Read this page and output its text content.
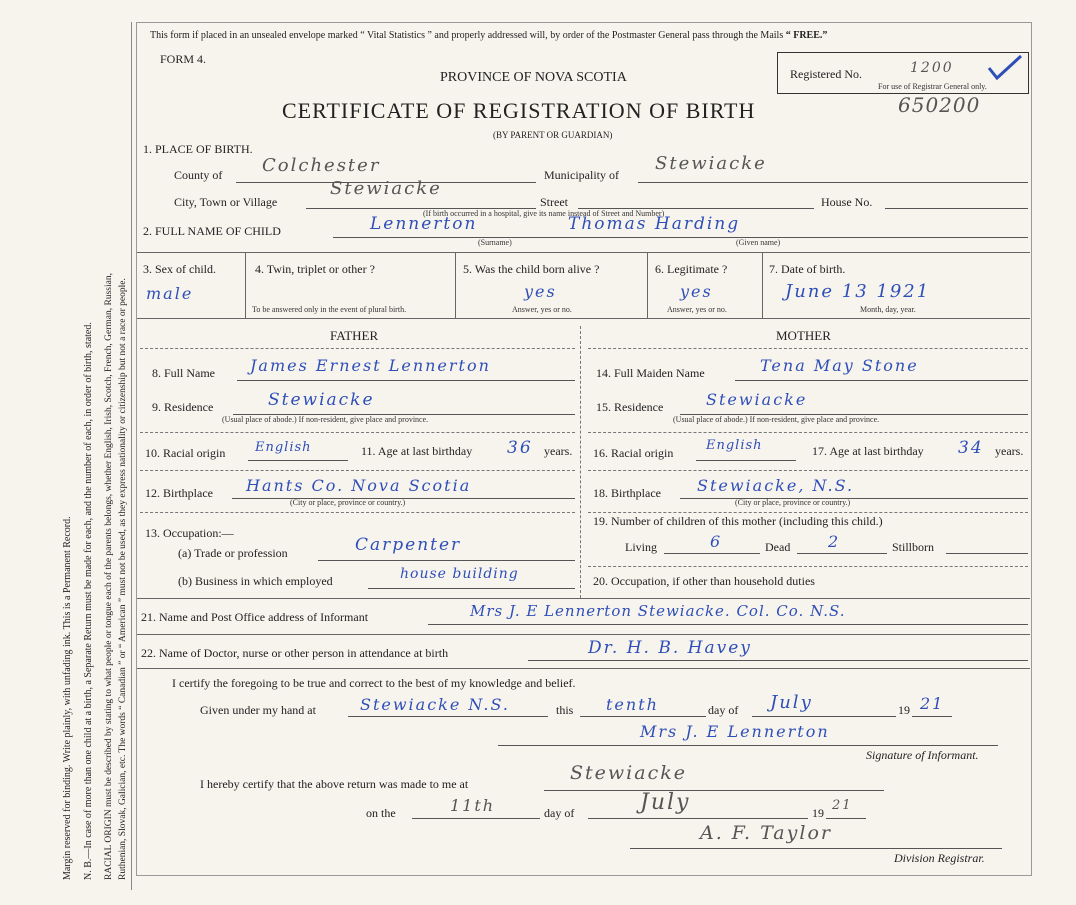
Margin reserved for binding. Write plainly, with unfading ink. This is a Permanent Record. N. B.—In case of more than one child at a birth, a Separate Return must be made for each, and the number of each, in order of birth, stated. RACIAL ORIGIN must be described by stating to what people or tongue each of the parents belongs, whether English, Irish, Scotch, French, German, Russian, Ruthenian, Slovak, Galician, etc. The words “ Canadian ” or “ American ” must not be used, as they express nationality or citizenship but not a race or people.
This form if placed in an unsealed envelope marked “ Vital Statistics ” and properly addressed will, by order of the Postmaster General pass through the Mails “ FREE.”
FORM 4.
PROVINCE OF NOVA SCOTIA	Registered No.	1200
For use of Registrar General only.
CERTIFICATE OF REGISTRATION OF BIRTH	650200
(BY PARENT OR GUARDIAN)
1. PLACE OF BIRTH.
County of Colchester	Municipality of
Stewiacke
City, Town or Village
Stewiacke
Street	House No.
(If birth occurred in a hospital, give its name instead of Street and Number)
2. FULL NAME OF CHILD	Lennerton	Thomas Harding
(Surname)	(Given name)
3. Sex of child.
male
4. Twin, triplet or other ?
To be answered only in the event of plural birth.
5. Was the child born alive ?
yes
Answer, yes or no.
6. Legitimate ?
yes
Answer, yes or no.
7. Date of birth.
June 13 1921
Month, day, year.
FATHER	MOTHER
8. Full Name James Ernest Lennerton
9. Residence	Stewiacke
(Usual place of abode.) If non-resident, give place and province.
10. Racial origin English	11. Age at last birthday 36 years.
12. Birthplace Hants Co. Nova Scotia
(City or place, province or country.)
13. Occupation:—
(a) Trade or profession	Carpenter
(b) Business in which employed	house building
14. Full Maiden Name	Tena May Stone
15. Residence	Stewiacke
(Usual place of abode.) If non-resident, give place and province.
16. Racial origin	English	17. Age at last birthday 34 years.
18. Birthplace Stewiacke, N.S.
(City or place, province or country.)
19. Number of children of this mother (including this child.)
Living	6	Dead 2	Stillborn
20. Occupation, if other than household duties
21. Name and Post Office address of Informant	Mrs J. E Lennerton Stewiacke. Col. Co. N.S.
22. Name of Doctor, nurse or other person in attendance at birth	Dr. H. B. Havey
I certify the foregoing to be true and correct to the best of my knowledge and belief.
Given under my hand at	Stewiacke N.S.	this tenth	day of July	19 21
Mrs J. E Lennerton
Signature of Informant.
I hereby certify that the above return was made to me at	Stewiacke
on the	11th	day of	July	19 21
A. F. Taylor
Division Registrar.
